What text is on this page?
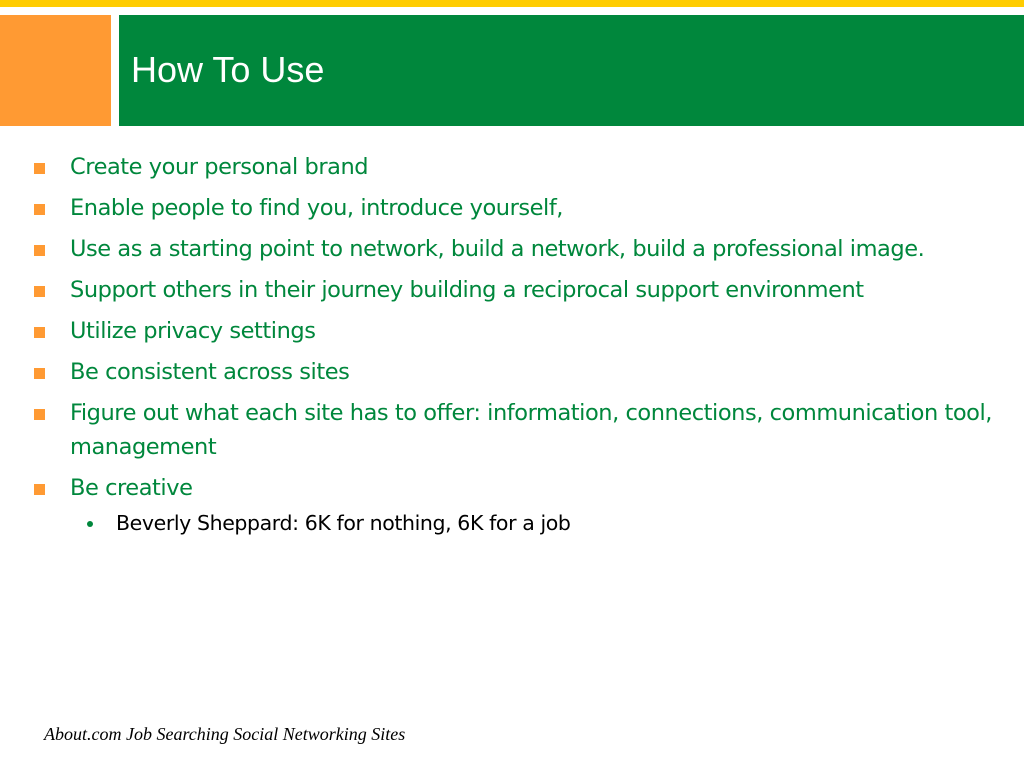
How To Use
Create your personal brand
Enable people to find you, introduce yourself,
Use as a starting point to network, build a network, build a professional image.
Support others in their journey building a reciprocal support environment
Utilize privacy settings
Be consistent across sites
Figure out what each site has to offer: information, connections, communication tool, management
Be creative
Beverly Sheppard: 6K for nothing, 6K for a job

About.com Job Searching Social Networking Sites
